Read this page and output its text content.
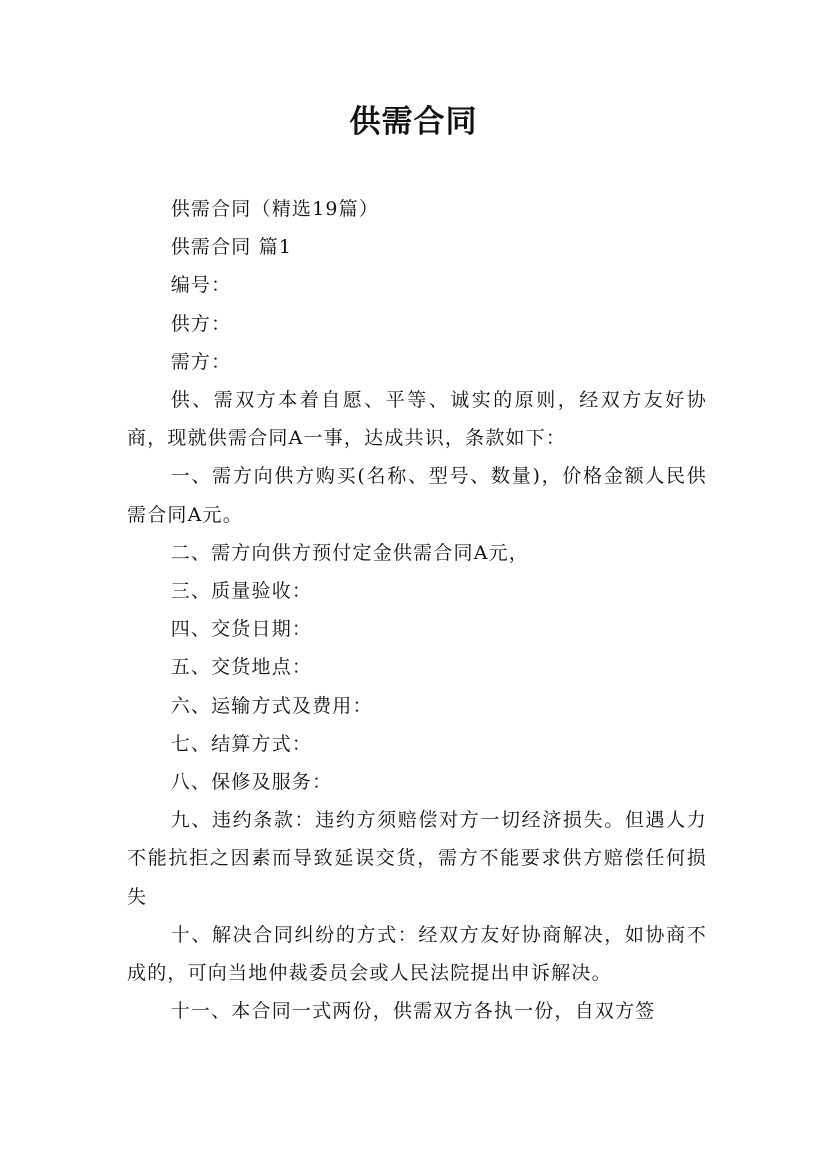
供需合同

供需合同（精选19篇）

供需合同 篇1

编号：

供方：

需方：

供、需双方本着自愿、平等、诚实的原则，经双方友好协商，现就供需合同A一事，达成共识，条款如下：

一、需方向供方购买(名称、型号、数量)，价格金额人民供需合同A元。

二、需方向供方预付定金供需合同A元，

三、质量验收：

四、交货日期：

五、交货地点：

六、运输方式及费用：

七、结算方式：

八、保修及服务：

九、违约条款：违约方须赔偿对方一切经济损失。但遇人力不能抗拒之因素而导致延误交货，需方不能要求供方赔偿任何损失

十、解决合同纠纷的方式：经双方友好协商解决，如协商不成的，可向当地仲裁委员会或人民法院提出申诉解决。

十一、本合同一式两份，供需双方各执一份，自双方签
